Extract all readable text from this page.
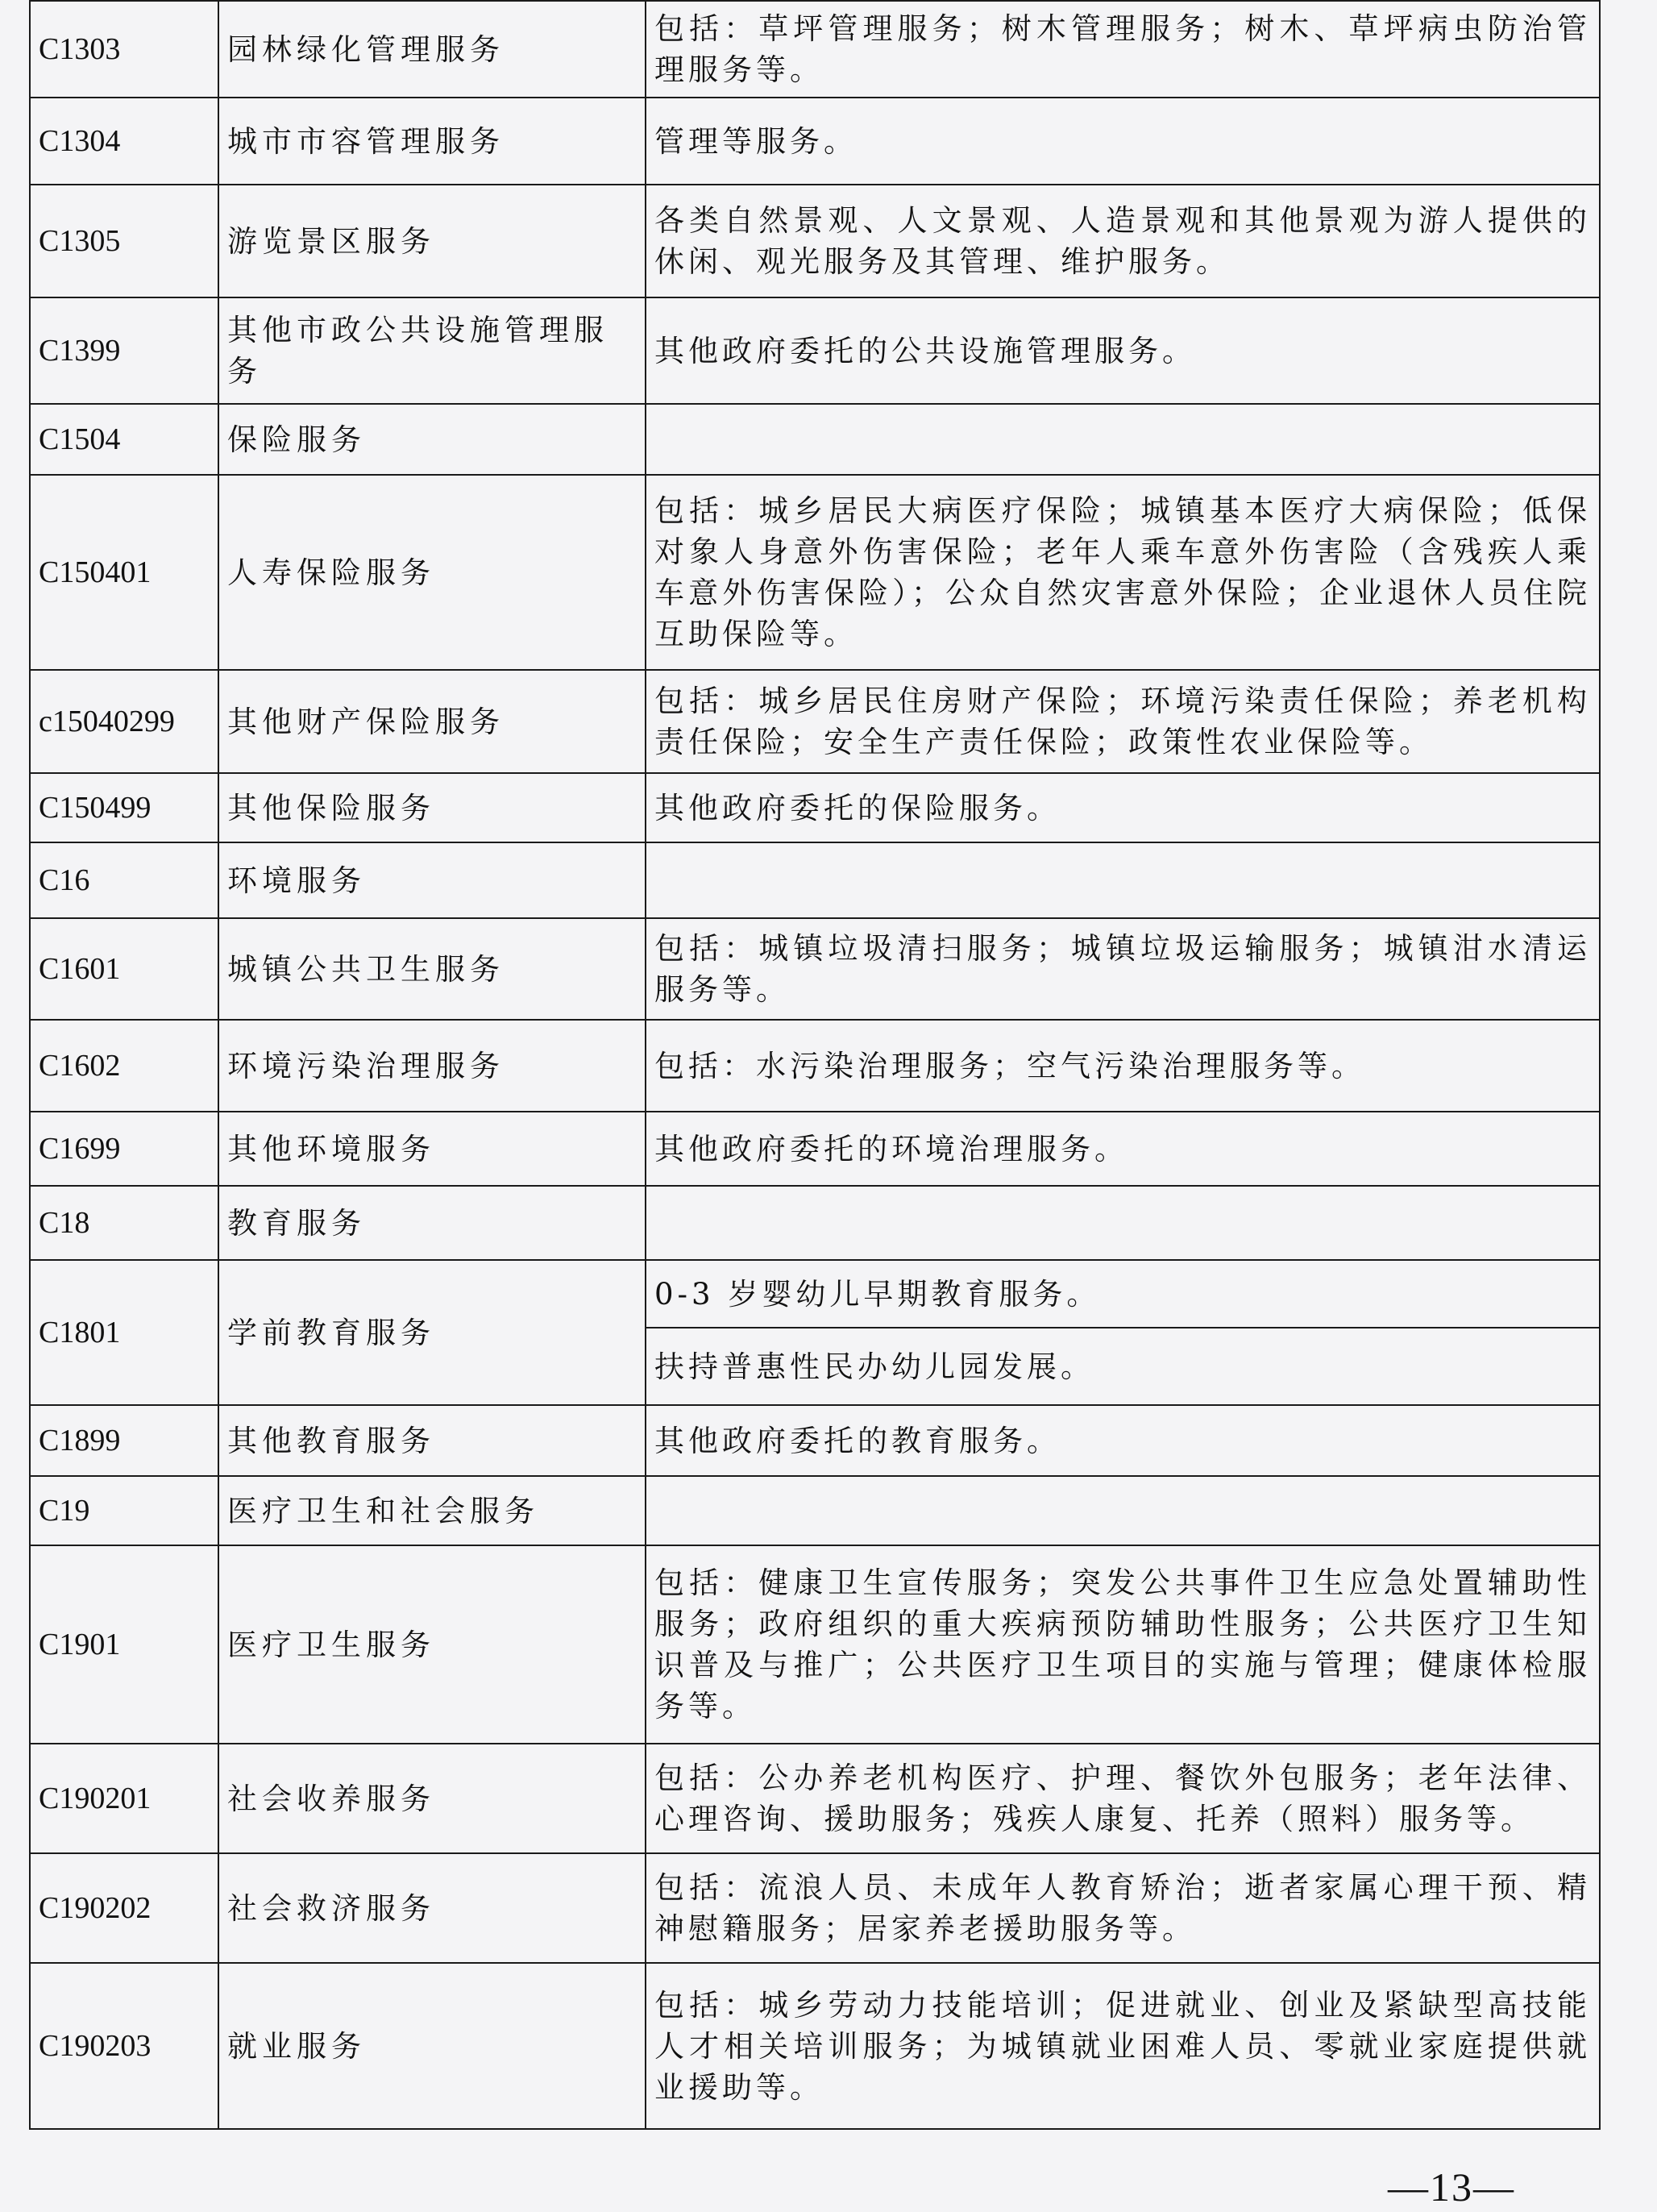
C1303	园林绿化管理服务	包括：草坪管理服务；树木管理服务；树木、草坪病虫防治管理服务等。
C1304	城市市容管理服务	管理等服务。
C1305	游览景区服务	各类自然景观、人文景观、人造景观和其他景观为游人提供的休闲、观光服务及其管理、维护服务。
C1399	其他市政公共设施管理服务	其他政府委托的公共设施管理服务。
C1504	保险服务	
C150401	人寿保险服务	包括：城乡居民大病医疗保险；城镇基本医疗大病保险；低保对象人身意外伤害保险；老年人乘车意外伤害险（含残疾人乘车意外伤害保险）；公众自然灾害意外保险；企业退休人员住院互助保险等。
c15040299	其他财产保险服务	包括：城乡居民住房财产保险；环境污染责任保险；养老机构责任保险；安全生产责任保险；政策性农业保险等。
C150499	其他保险服务	其他政府委托的保险服务。
C16	环境服务	
C1601	城镇公共卫生服务	包括：城镇垃圾清扫服务；城镇垃圾运输服务；城镇泔水清运服务等。
C1602	环境污染治理服务	包括：水污染治理服务；空气污染治理服务等。
C1699	其他环境服务	其他政府委托的环境治理服务。
C18	教育服务	
C1801	学前教育服务	0-3 岁婴幼儿早期教育服务。
		扶持普惠性民办幼儿园发展。
C1899	其他教育服务	其他政府委托的教育服务。
C19	医疗卫生和社会服务	
C1901	医疗卫生服务	包括：健康卫生宣传服务；突发公共事件卫生应急处置辅助性服务；政府组织的重大疾病预防辅助性服务；公共医疗卫生知识普及与推广；公共医疗卫生项目的实施与管理；健康体检服务等。
C190201	社会收养服务	包括：公办养老机构医疗、护理、餐饮外包服务；老年法律、心理咨询、援助服务；残疾人康复、托养（照料）服务等。
C190202	社会救济服务	包括：流浪人员、未成年人教育矫治；逝者家属心理干预、精神慰籍服务；居家养老援助服务等。
C190203	就业服务	包括：城乡劳动力技能培训；促进就业、创业及紧缺型高技能人才相关培训服务；为城镇就业困难人员、零就业家庭提供就业援助等。
—13—
